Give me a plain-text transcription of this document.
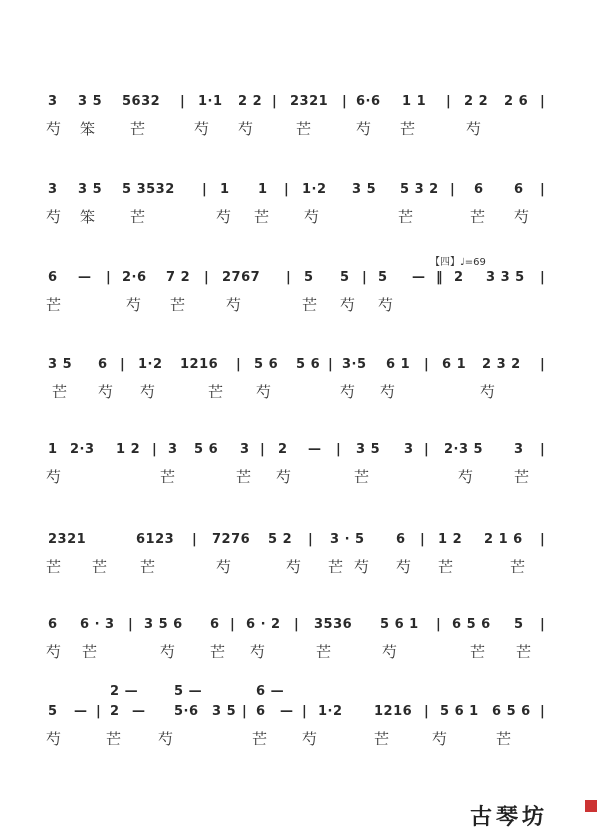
3 3 5 5632 | 1·1 2 2 | 2321 | 6·6 1 1 | 2 2 2 6 |
芍 笨 芒	芍 芍	芒	芍 芒	芍
3 3 5 5 3532 | 1 1 | 1·2 3 5 5 3 2 | 6 6 |
芍 笨 芒	芍 芒 芍	芒	芒 芍
【四】♩=69
6 — | 2·6 7 2 | 2767 | 5 5 | 5 — ‖ 2 3 3 5 |
芒	芍 芒	芍	芒 芍 芍
3 5 6 | 1·2 1216 | 5 6 5 6 | 3·5 6 1 | 6 1 2 3 2 |
芒 芍 芍	芒 芍	芍 芍	芍
1 2·3 1 2 | 3 5 6 3 | 2 — | 3 5 3 | 2·3 5 3 |
芍	芒	芒 芍	芒	芍	芒
2321	6123 | 7276 5 2 | 3 · 5 6 | 1 2 2 1 6 |
芒 芒 芒	芍	芍 芒 芍 芍 芒	芒
6 6 · 3 | 3 5 6 6 | 6 · 2 | 3536 5 6 1 | 6 5 6 5 |
芍 芒	芍 芒 芍	芒	芍	芒 芒
2 —	5 —	6 —
5 — | 2 — 5·6 3 5 | 6 — | 1·2 1216 | 5 6 1 6 5 6 |
芍	芒 芍	芒 芍	芒	芍	芒
古琴坊
